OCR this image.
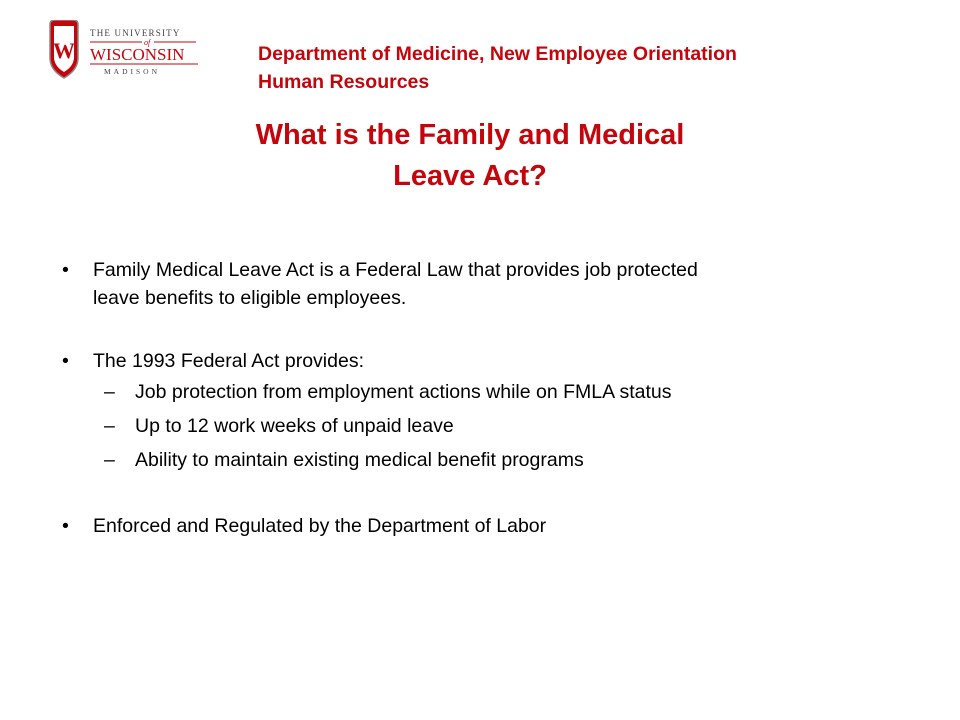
W
THE UNIVERSITY
of
WISCONSIN
MADISON
Department of Medicine, New Employee Orientation
Human Resources
What is the Family and Medical
Leave Act?
• Family Medical Leave Act is a Federal Law that provides job protected
leave benefits to eligible employees.
• The 1993 Federal Act provides:
– Job protection from employment actions while on FMLA status
– Up to 12 work weeks of unpaid leave
– Ability to maintain existing medical benefit programs
• Enforced and Regulated by the Department of Labor
